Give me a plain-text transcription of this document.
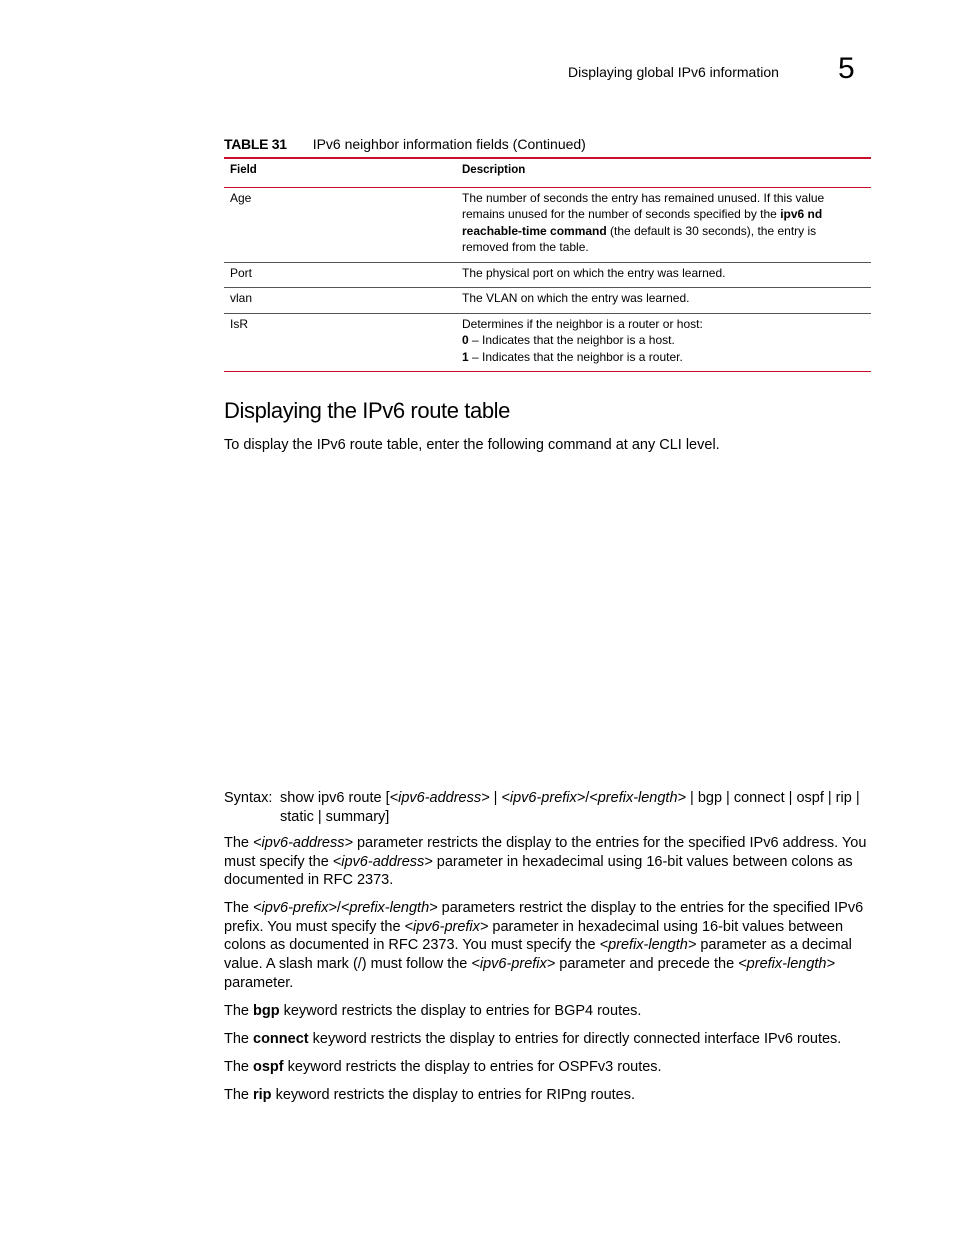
Displaying global IPv6 information 5
TABLE 31 IPv6 neighbor information fields (Continued)
Field	Description
Age	The number of seconds the entry has remained unused. If this value remains unused for the number of seconds specified by the ipv6 nd reachable-time command (the default is 30 seconds), the entry is removed from the table.
Port	The physical port on which the entry was learned.
vlan	The VLAN on which the entry was learned.
IsR	Determines if the neighbor is a router or host:
0 – Indicates that the neighbor is a host.
1 – Indicates that the neighbor is a router.
Displaying the IPv6 route table

To display the IPv6 route table, enter the following command at any CLI level.

Syntax: show ipv6 route [<ipv6-address> | <ipv6-prefix>/<prefix-length> | bgp | connect | ospf | rip | static | summary]

The <ipv6-address> parameter restricts the display to the entries for the specified IPv6 address. You must specify the <ipv6-address> parameter in hexadecimal using 16-bit values between colons as documented in RFC 2373.

The <ipv6-prefix>/<prefix-length> parameters restrict the display to the entries for the specified IPv6 prefix. You must specify the <ipv6-prefix> parameter in hexadecimal using 16-bit values between colons as documented in RFC 2373. You must specify the <prefix-length> parameter as a decimal value. A slash mark (/) must follow the <ipv6-prefix> parameter and precede the <prefix-length> parameter.

The bgp keyword restricts the display to entries for BGP4 routes.

The connect keyword restricts the display to entries for directly connected interface IPv6 routes.

The ospf keyword restricts the display to entries for OSPFv3 routes.

The rip keyword restricts the display to entries for RIPng routes.
